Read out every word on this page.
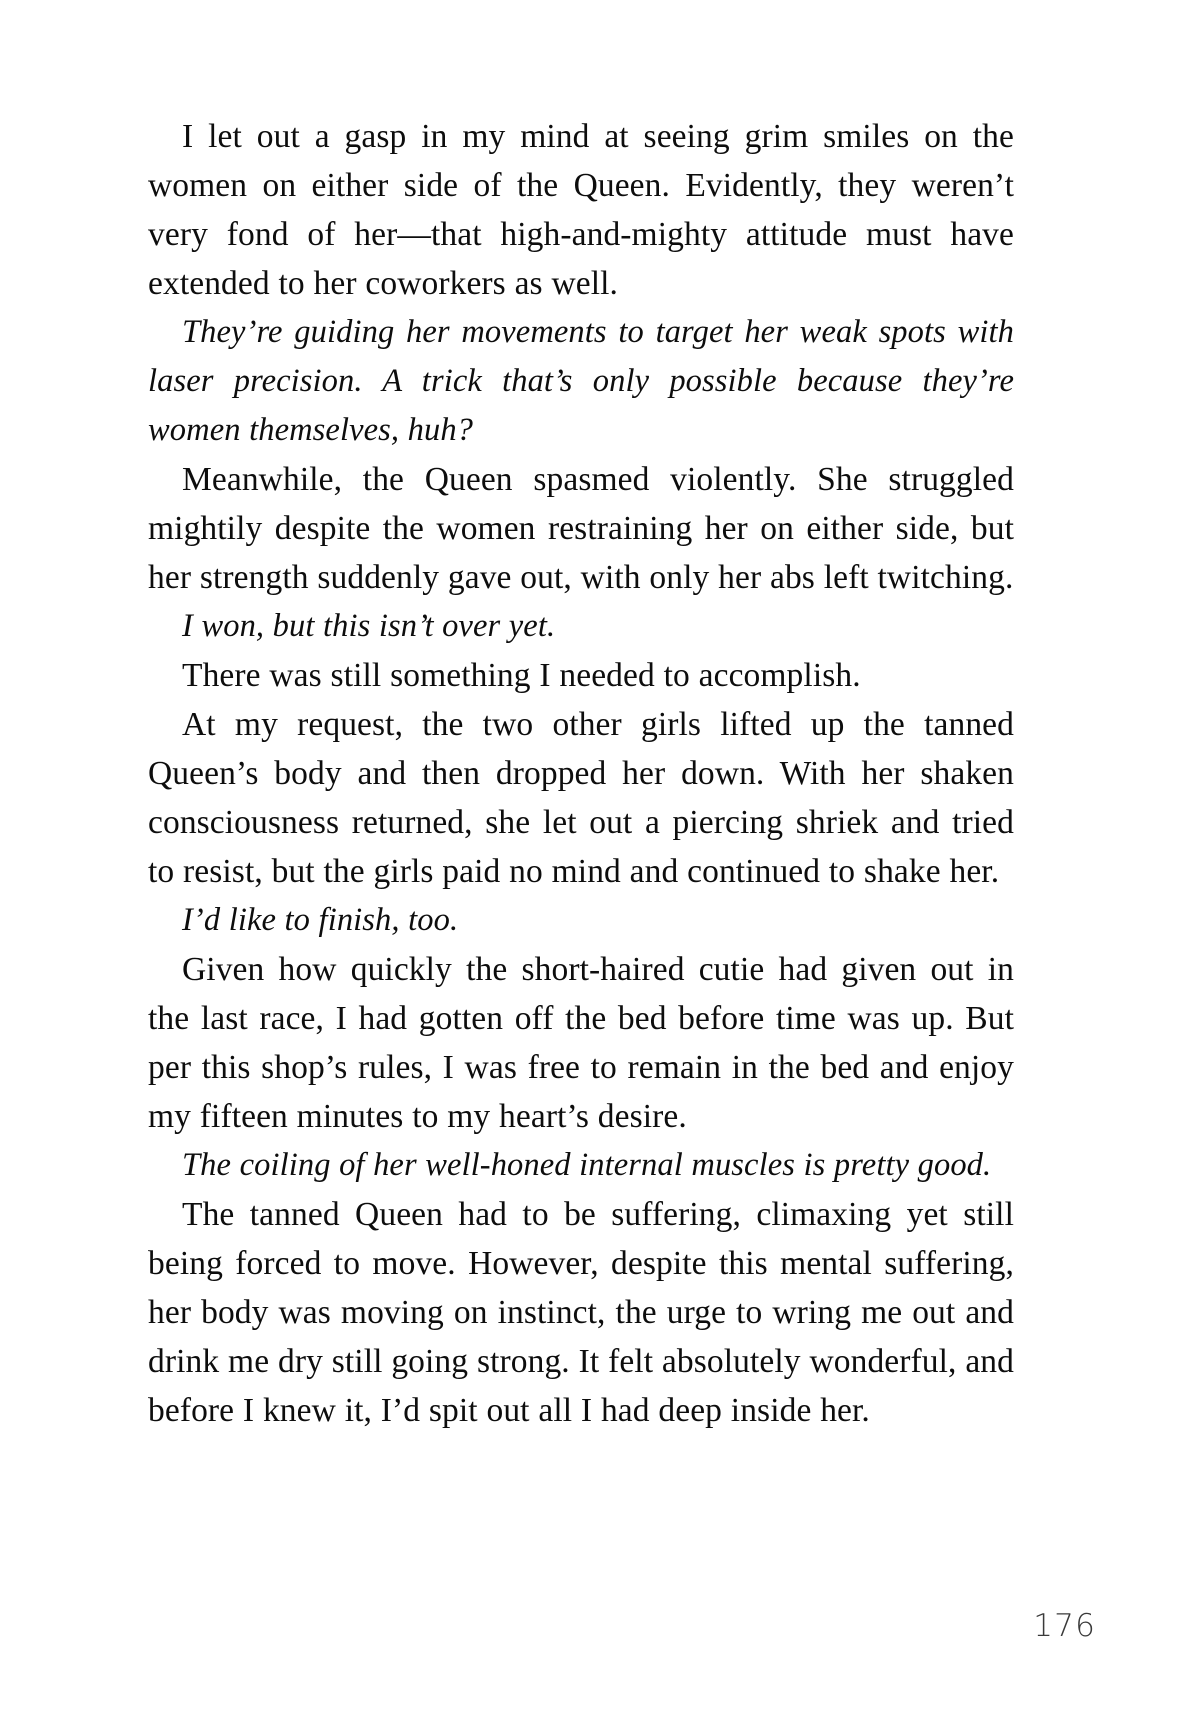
I let out a gasp in my mind at seeing grim smiles on the women on either side of the Queen. Evidently, they weren’t very fond of her—that high-and-mighty attitude must have extended to her coworkers as well.

They’re guiding her movements to target her weak spots with laser precision. A trick that’s only possible because they’re women themselves, huh?

Meanwhile, the Queen spasmed violently. She struggled mightily despite the women restraining her on either side, but her strength suddenly gave out, with only her abs left twitching.

I won, but this isn’t over yet.

There was still something I needed to accomplish.

At my request, the two other girls lifted up the tanned Queen’s body and then dropped her down. With her shaken consciousness returned, she let out a piercing shriek and tried to resist, but the girls paid no mind and continued to shake her.

I’d like to finish, too.

Given how quickly the short-haired cutie had given out in the last race, I had gotten off the bed before time was up. But per this shop’s rules, I was free to remain in the bed and enjoy my fifteen minutes to my heart’s desire.

The coiling of her well-honed internal muscles is pretty good.

The tanned Queen had to be suffering, climaxing yet still being forced to move. However, despite this mental suffering, her body was moving on instinct, the urge to wring me out and drink me dry still going strong. It felt absolutely wonderful, and before I knew it, I’d spit out all I had deep inside her.

176
